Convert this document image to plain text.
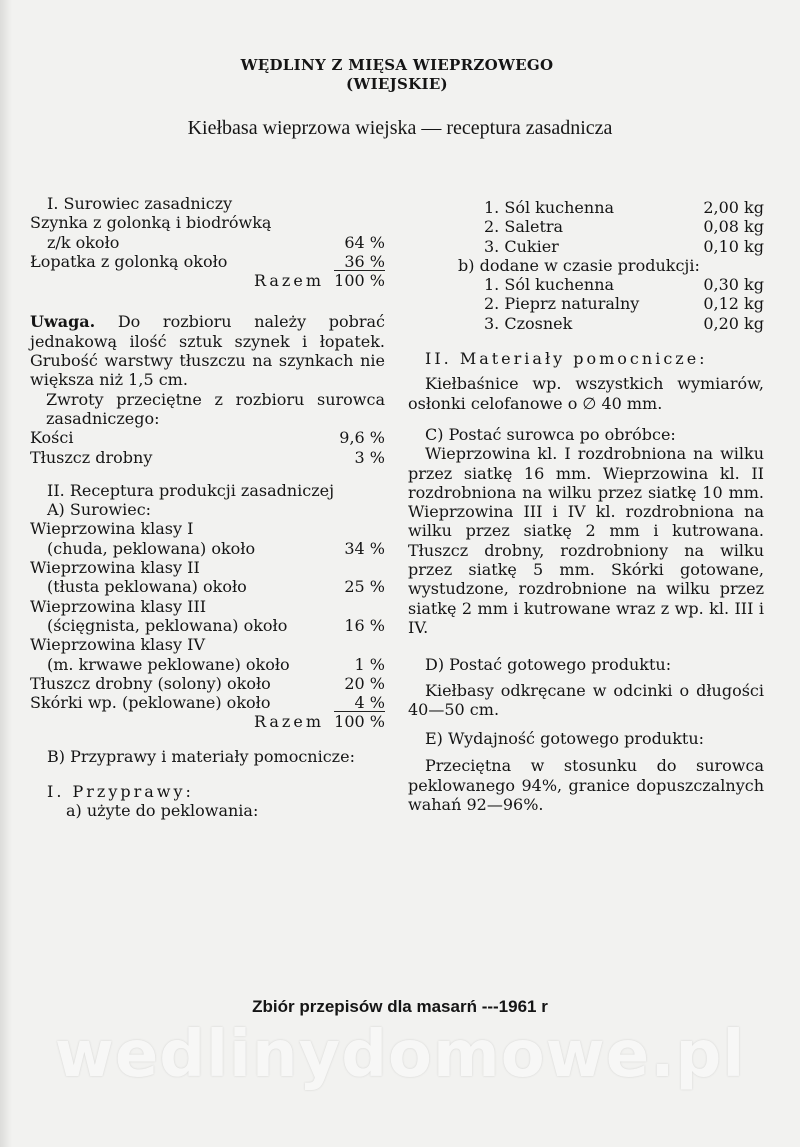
WĘDLINY Z MIĘSA WIEPRZOWEGO
(WIEJSKIE)
Kiełbasa wieprzowa wiejska — receptura zasadnicza
I. Surowiec zasadniczy
Szynka z golonką i biodrówką
z/k około	64 %
Łopatka z golonką około	36 %
Razem 100 %
Uwaga. Do rozbioru należy pobrać jednakową ilość sztuk szynek i łopatek. Grubość warstwy tłuszczu na szynkach nie większa niż 1,5 cm.
Zwroty przeciętne z rozbioru surowca zasadniczego:
Kości	9,6 %
Tłuszcz drobny	3 %
II. Receptura produkcji zasadniczej
A) Surowiec:
Wieprzowina klasy I
(chuda, peklowana) około	34 %
Wieprzowina klasy II
(tłusta peklowana) około	25 %
Wieprzowina klasy III
(ścięgnista, peklowana) około	16 %
Wieprzowina klasy IV
(m. krwawe peklowane) około	1 %
Tłuszcz drobny (solony) około	20 %
Skórki wp. (peklowane) około	4 %
Razem 100 %
B) Przyprawy i materiały pomocnicze:
I. Przyprawy:
a) użyte do peklowania:
1. Sól kuchenna	2,00 kg
2. Saletra	0,08 kg
3. Cukier	0,10 kg
b) dodane w czasie produkcji:
1. Sól kuchenna	0,30 kg
2. Pieprz naturalny	0,12 kg
3. Czosnek	0,20 kg
II. Materiały pomocnicze:
Kiełbaśnice wp. wszystkich wymiarów, osłonki celofanowe o ∅ 40 mm.
C) Postać surowca po obróbce:
Wieprzowina kl. I rozdrobniona na wilku przez siatkę 16 mm. Wieprzowina kl. II rozdrobniona na wilku przez siatkę 10 mm. Wieprzowina III i IV kl. rozdrobniona na wilku przez siatkę 2 mm i kutrowana. Tłuszcz drobny, rozdrobniony na wilku przez siatkę 5 mm. Skórki gotowane, wystudzone, rozdrobnione na wilku przez siatkę 2 mm i kutrowane wraz z wp. kl. III i IV.
D) Postać gotowego produktu:
Kiełbasy odkręcane w odcinki o długości 40—50 cm.
E) Wydajność gotowego produktu:
Przeciętna w stosunku do surowca peklowanego 94%, granice dopuszczalnych wahań 92—96%.
Zbiór przepisów dla masarń ---1961 r
wedlinydomowe.pl
